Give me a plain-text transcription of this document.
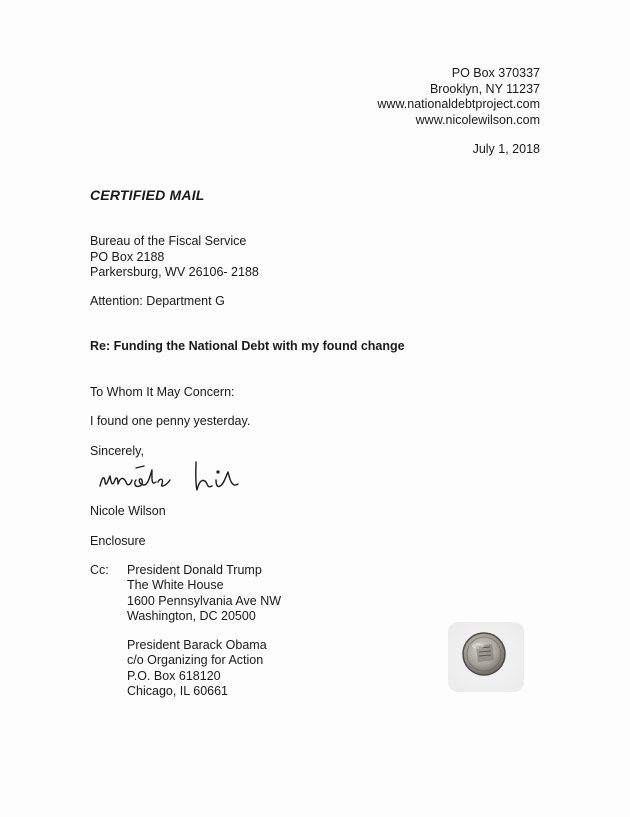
PO Box 370337
Brooklyn, NY 11237
www.nationaldebtproject.com
www.nicolewilson.com
July 1, 2018
CERTIFIED MAIL
Bureau of the Fiscal Service
PO Box 2188
Parkersburg, WV 26106- 2188
Attention: Department G
Re: Funding the National Debt with my found change
To Whom It May Concern:
I found one penny yesterday.
Sincerely,
Nicole Wilson
Enclosure
Cc: President Donald Trump
The White House
1600 Pennsylvania Ave NW
Washington, DC 20500
President Barack Obama
c/o Organizing for Action
P.O. Box 618120
Chicago, IL 60661
